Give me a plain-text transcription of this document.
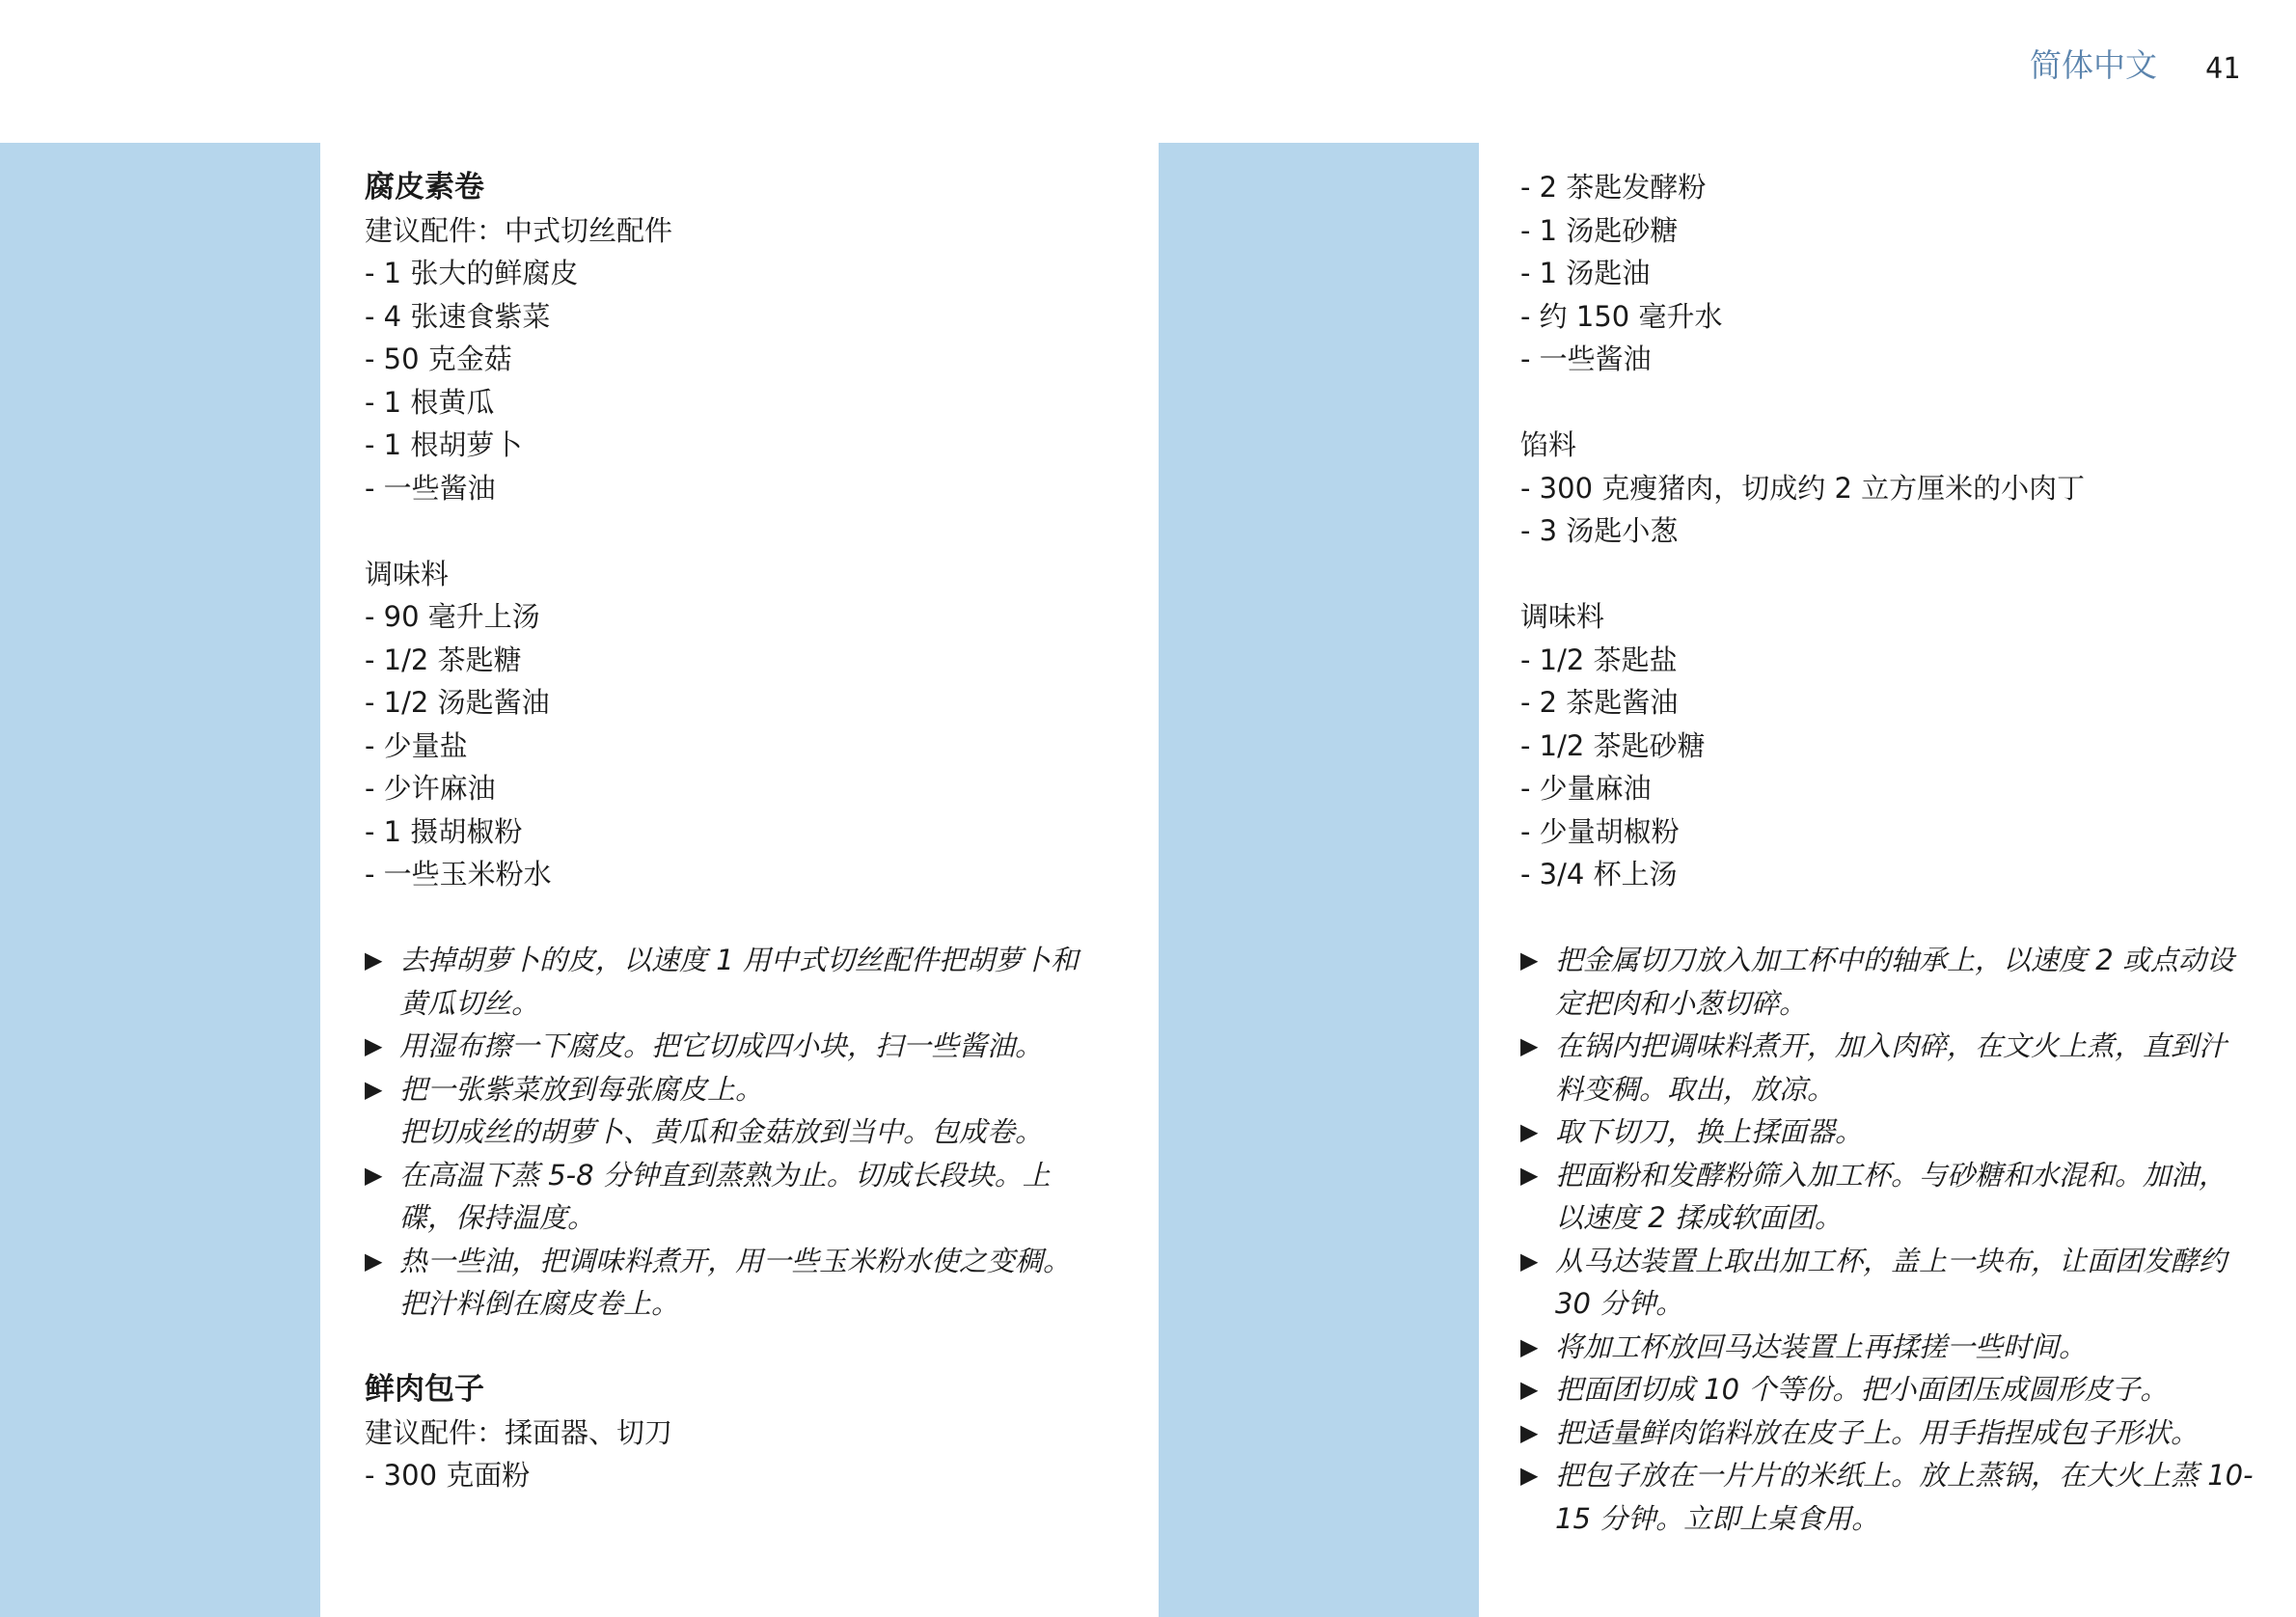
简体中文 41
腐皮素卷
建议配件：中式切丝配件
- 1 张大的鲜腐皮
- 4 张速食紫菜
- 50 克金菇
- 1 根黄瓜
- 1 根胡萝卜
- 一些酱油
调味料
- 90 毫升上汤
- 1/2 茶匙糖
- 1/2 汤匙酱油
- 少量盐
- 少许麻油
- 1 摄胡椒粉
- 一些玉米粉水
▶ 去掉胡萝卜的皮，以速度 1 用中式切丝配件把胡萝卜和黄瓜切丝。
▶ 用湿布擦一下腐皮。把它切成四小块，扫一些酱油。
▶ 把一张紫菜放到每张腐皮上。
把切成丝的胡萝卜、黄瓜和金菇放到当中。包成卷。
▶ 在高温下蒸 5-8 分钟直到蒸熟为止。切成长段块。上碟，保持温度。
▶ 热一些油，把调味料煮开，用一些玉米粉水使之变稠。把汁料倒在腐皮卷上。
鲜肉包子
建议配件：揉面器、切刀
- 300 克面粉
- 2 茶匙发酵粉
- 1 汤匙砂糖
- 1 汤匙油
- 约 150 毫升水
- 一些酱油
馅料
- 300 克瘦猪肉，切成约 2 立方厘米的小肉丁
- 3 汤匙小葱
调味料
- 1/2 茶匙盐
- 2 茶匙酱油
- 1/2 茶匙砂糖
- 少量麻油
- 少量胡椒粉
- 3/4 杯上汤
▶ 把金属切刀放入加工杯中的轴承上，以速度 2 或点动设定把肉和小葱切碎。
▶ 在锅内把调味料煮开，加入肉碎，在文火上煮，直到汁料变稠。取出，放凉。
▶ 取下切刀，换上揉面器。
▶ 把面粉和发酵粉筛入加工杯。与砂糖和水混和。加油，以速度 2 揉成软面团。
▶ 从马达装置上取出加工杯，盖上一块布，让面团发酵约 30 分钟。
▶ 将加工杯放回马达装置上再揉搓一些时间。
▶ 把面团切成 10 个等份。把小面团压成圆形皮子。
▶ 把适量鲜肉馅料放在皮子上。用手指捏成包子形状。
▶ 把包子放在一片片的米纸上。放上蒸锅，在大火上蒸 10-15 分钟。立即上桌食用。
